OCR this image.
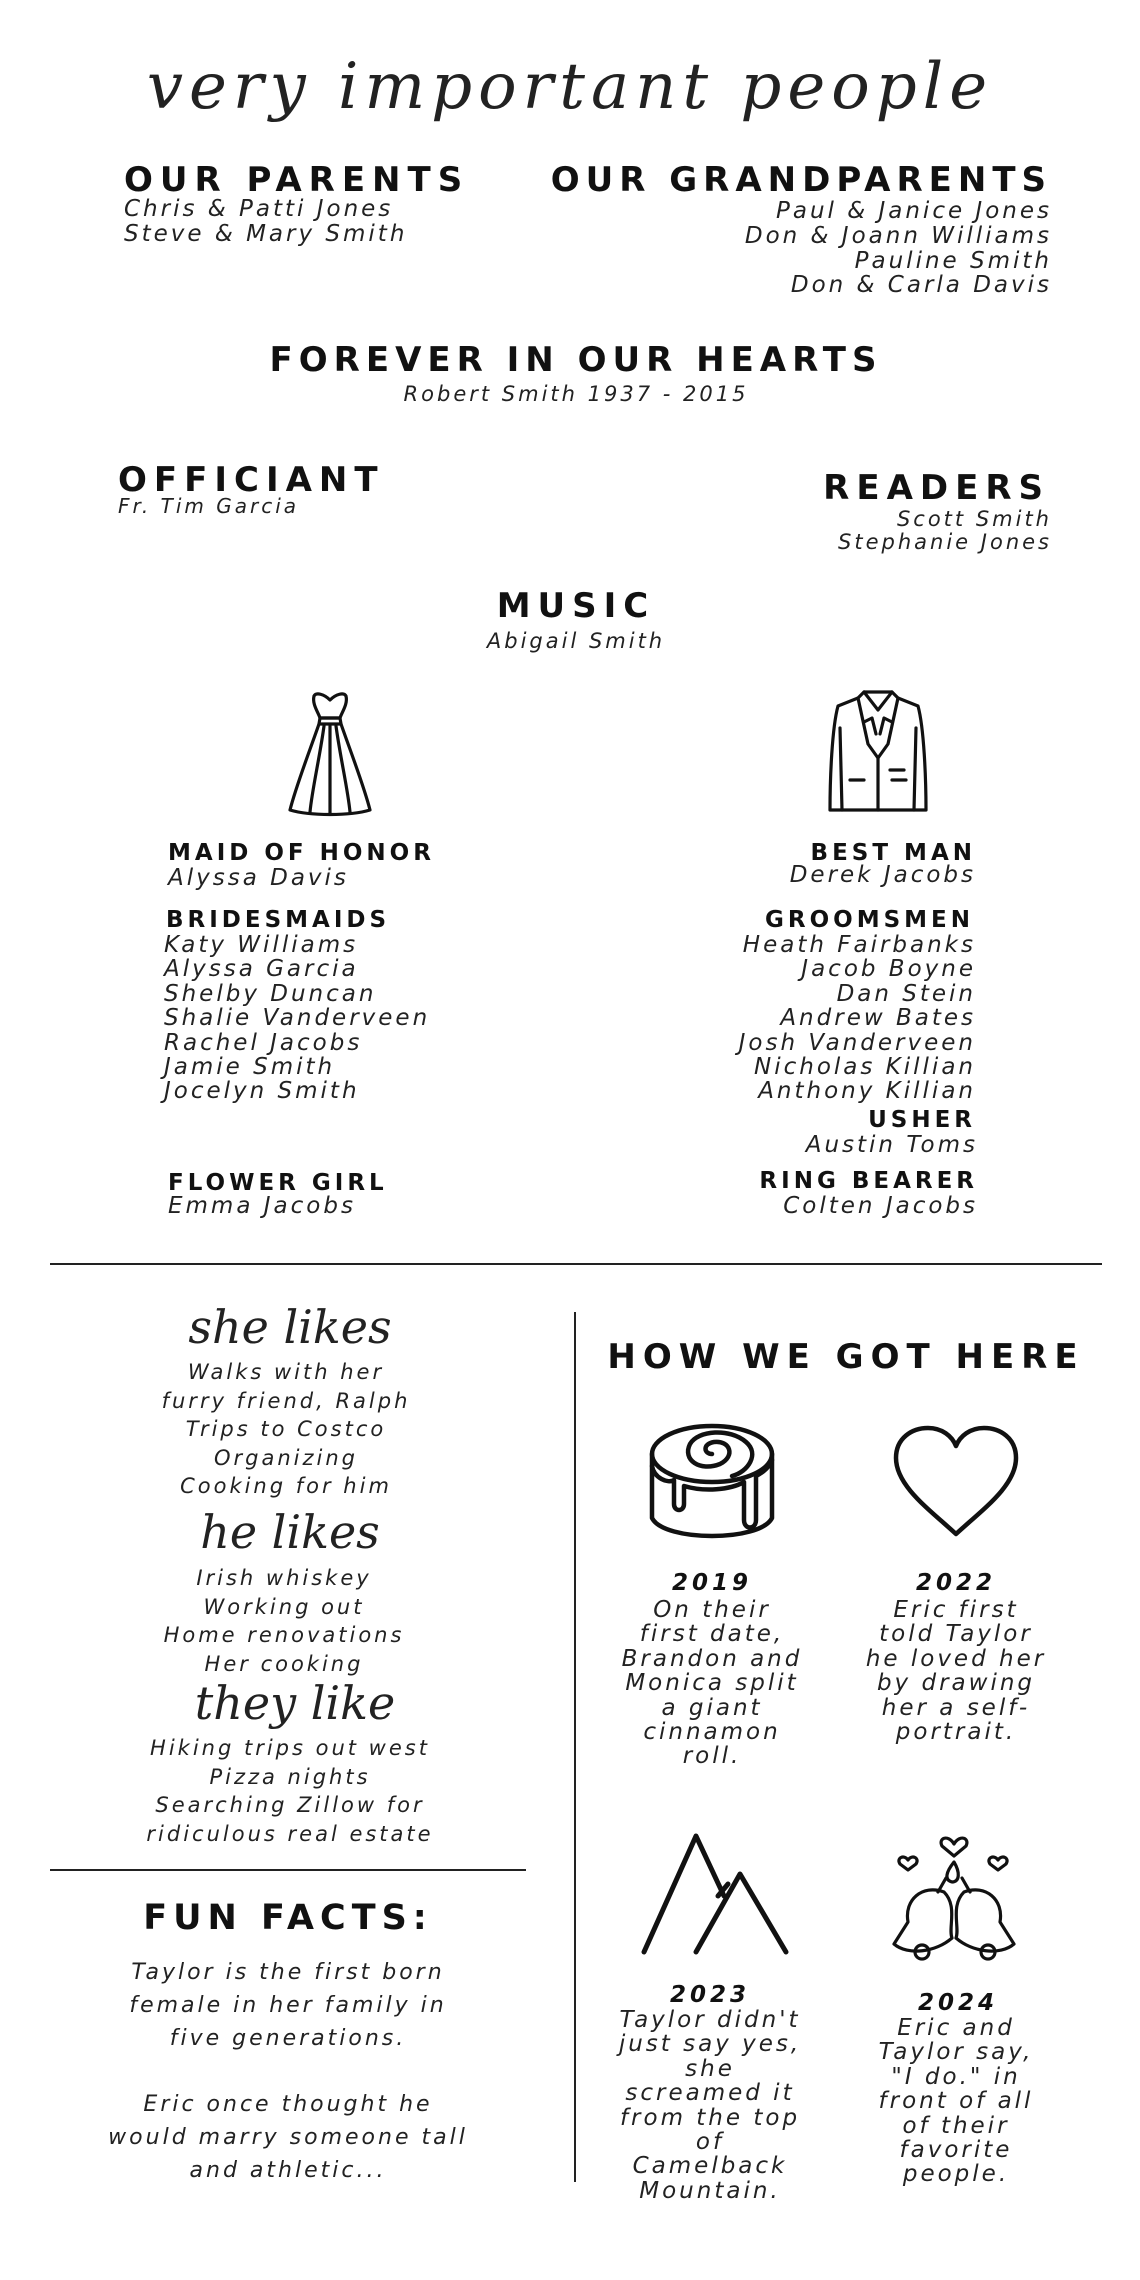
very important people
OUR PARENTS
Chris & Patti Jones
Steve & Mary Smith
OUR GRANDPARENTS
Paul & Janice Jones
Don & Joann Williams
Pauline Smith
Don & Carla Davis
FOREVER IN OUR HEARTS
Robert Smith 1937 - 2015
OFFICIANT
Fr. Tim Garcia	READERS
Scott Smith
Stephanie Jones
MUSIC
Abigail Smith
MAID OF HONOR
Alyssa Davis
BEST MAN
Derek Jacobs
BRIDESMAIDS
Katy Williams
Alyssa Garcia
Shelby Duncan
Shalie Vanderveen
Rachel Jacobs
Jamie Smith
Jocelyn Smith
GROOMSMEN
Heath Fairbanks
Jacob Boyne
Dan Stein
Andrew Bates
Josh Vanderveen
Nicholas Killian
Anthony Killian
USHER
Austin Toms
FLOWER GIRL
Emma Jacobs
RING BEARER
Colten Jacobs
she likes
Walks with her
furry friend, Ralph
Trips to Costco
Organizing
Cooking for him
he likes
Irish whiskey
Working out
Home renovations
Her cooking
they like
Hiking trips out west
Pizza nights
Searching Zillow for
ridiculous real estate
FUN FACTS:
Taylor is the first born
female in her family in
five generations.
Eric once thought he
would marry someone tall
and athletic...
HOW WE GOT HERE
2019
On their
first date,
Brandon and
Monica split
a giant
cinnamon
roll.
2022
Eric first
told Taylor
he loved her
by drawing
her a self-
portrait.
2023
Taylor didn't
just say yes,
she
screamed it
from the top
of
Camelback
Mountain.
2024
Eric and
Taylor say,
"I do." in
front of all
of their
favorite
people.
